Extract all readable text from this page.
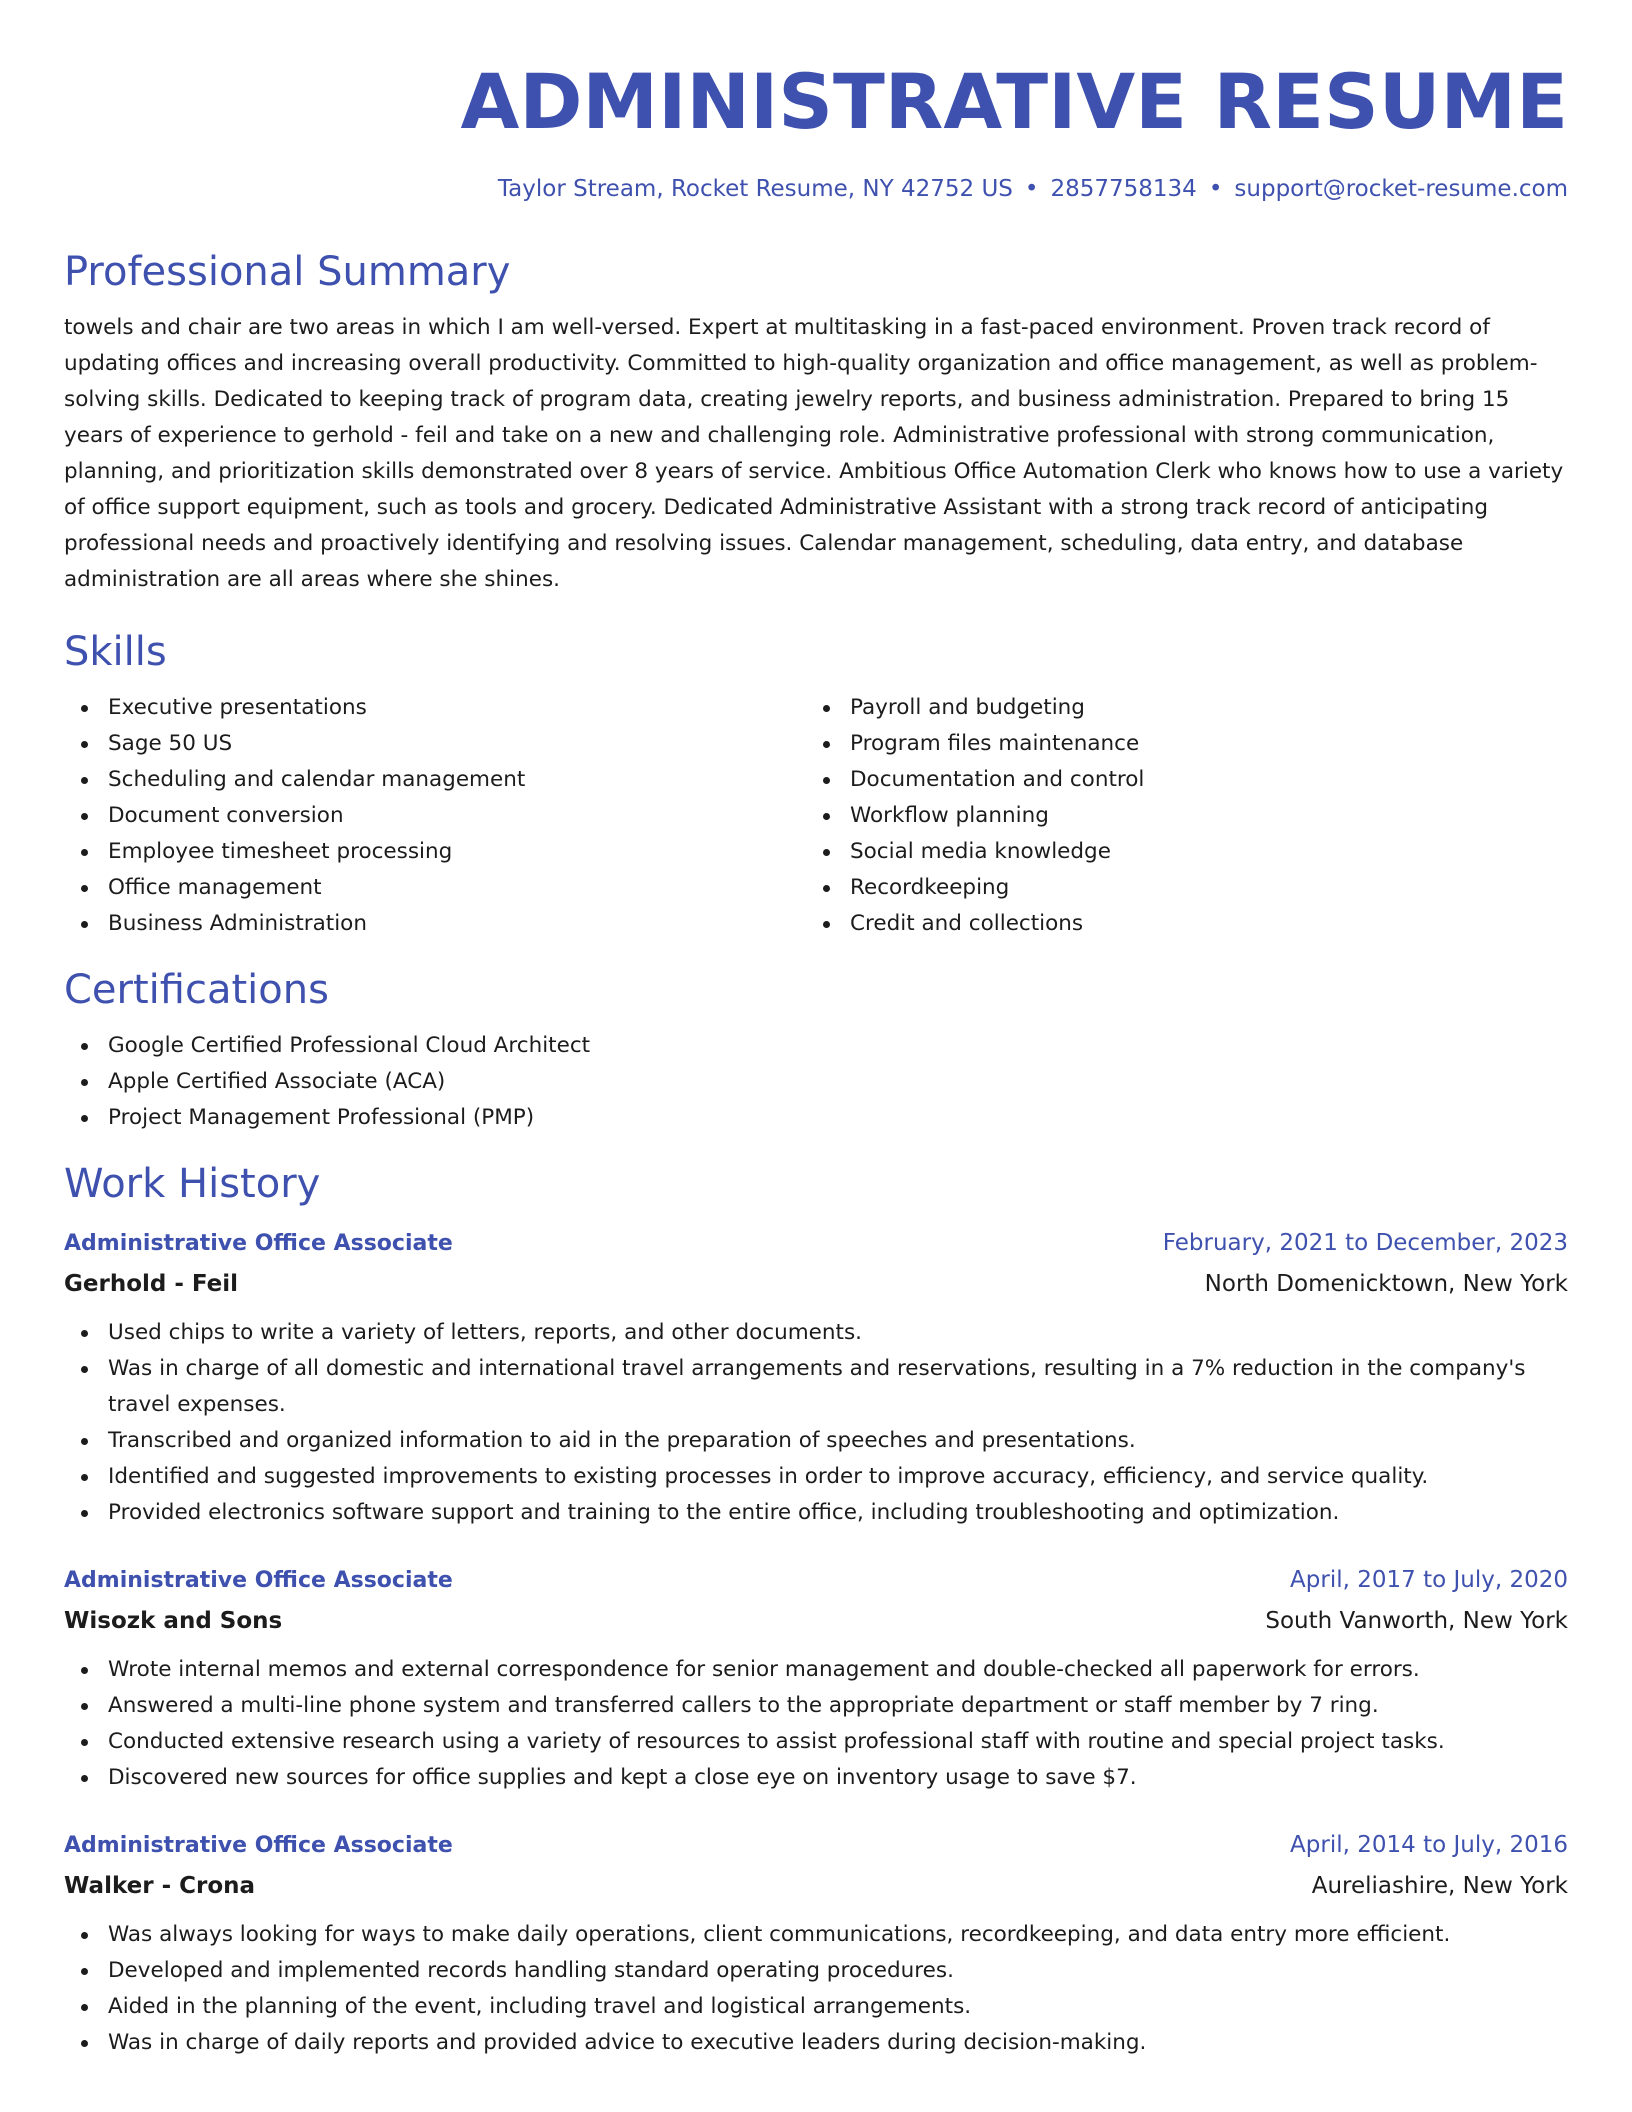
ADMINISTRATIVE RESUME
Taylor Stream, Rocket Resume, NY 42752 US • 2857758134 • support@rocket-resume.com
Professional Summary

towels and chair are two areas in which I am well-versed. Expert at multitasking in a fast-paced environment. Proven track record of updating offices and increasing overall productivity. Committed to high-quality organization and office management, as well as problem-solving skills. Dedicated to keeping track of program data, creating jewelry reports, and business administration. Prepared to bring 15 years of experience to gerhold - feil and take on a new and challenging role. Administrative professional with strong communication, planning, and prioritization skills demonstrated over 8 years of service. Ambitious Office Automation Clerk who knows how to use a variety of office support equipment, such as tools and grocery. Dedicated Administrative Assistant with a strong track record of anticipating professional needs and proactively identifying and resolving issues. Calendar management, scheduling, data entry, and database administration are all areas where she shines.

Skills
Executive presentations
Sage 50 US
Scheduling and calendar management
Document conversion
Employee timesheet processing
Office management
Business Administration
Payroll and budgeting
Program files maintenance
Documentation and control
Workflow planning
Social media knowledge
Recordkeeping
Credit and collections
Certifications
Google Certified Professional Cloud Architect
Apple Certified Associate (ACA)
Project Management Professional (PMP)
Work History
Administrative Office Associate	February, 2021 to December, 2023
Gerhold - Feil	North Domenicktown, New York
Used chips to write a variety of letters, reports, and other documents.
Was in charge of all domestic and international travel arrangements and reservations, resulting in a 7% reduction in the company's travel expenses.
Transcribed and organized information to aid in the preparation of speeches and presentations.
Identified and suggested improvements to existing processes in order to improve accuracy, efficiency, and service quality.
Provided electronics software support and training to the entire office, including troubleshooting and optimization.
Administrative Office Associate	April, 2017 to July, 2020
Wisozk and Sons	South Vanworth, New York
Wrote internal memos and external correspondence for senior management and double-checked all paperwork for errors.
Answered a multi-line phone system and transferred callers to the appropriate department or staff member by 7 ring.
Conducted extensive research using a variety of resources to assist professional staff with routine and special project tasks.
Discovered new sources for office supplies and kept a close eye on inventory usage to save $7.
Administrative Office Associate	April, 2014 to July, 2016
Walker - Crona	Aureliashire, New York
Was always looking for ways to make daily operations, client communications, recordkeeping, and data entry more efficient.
Developed and implemented records handling standard operating procedures.
Aided in the planning of the event, including travel and logistical arrangements.
Was in charge of daily reports and provided advice to executive leaders during decision-making.
